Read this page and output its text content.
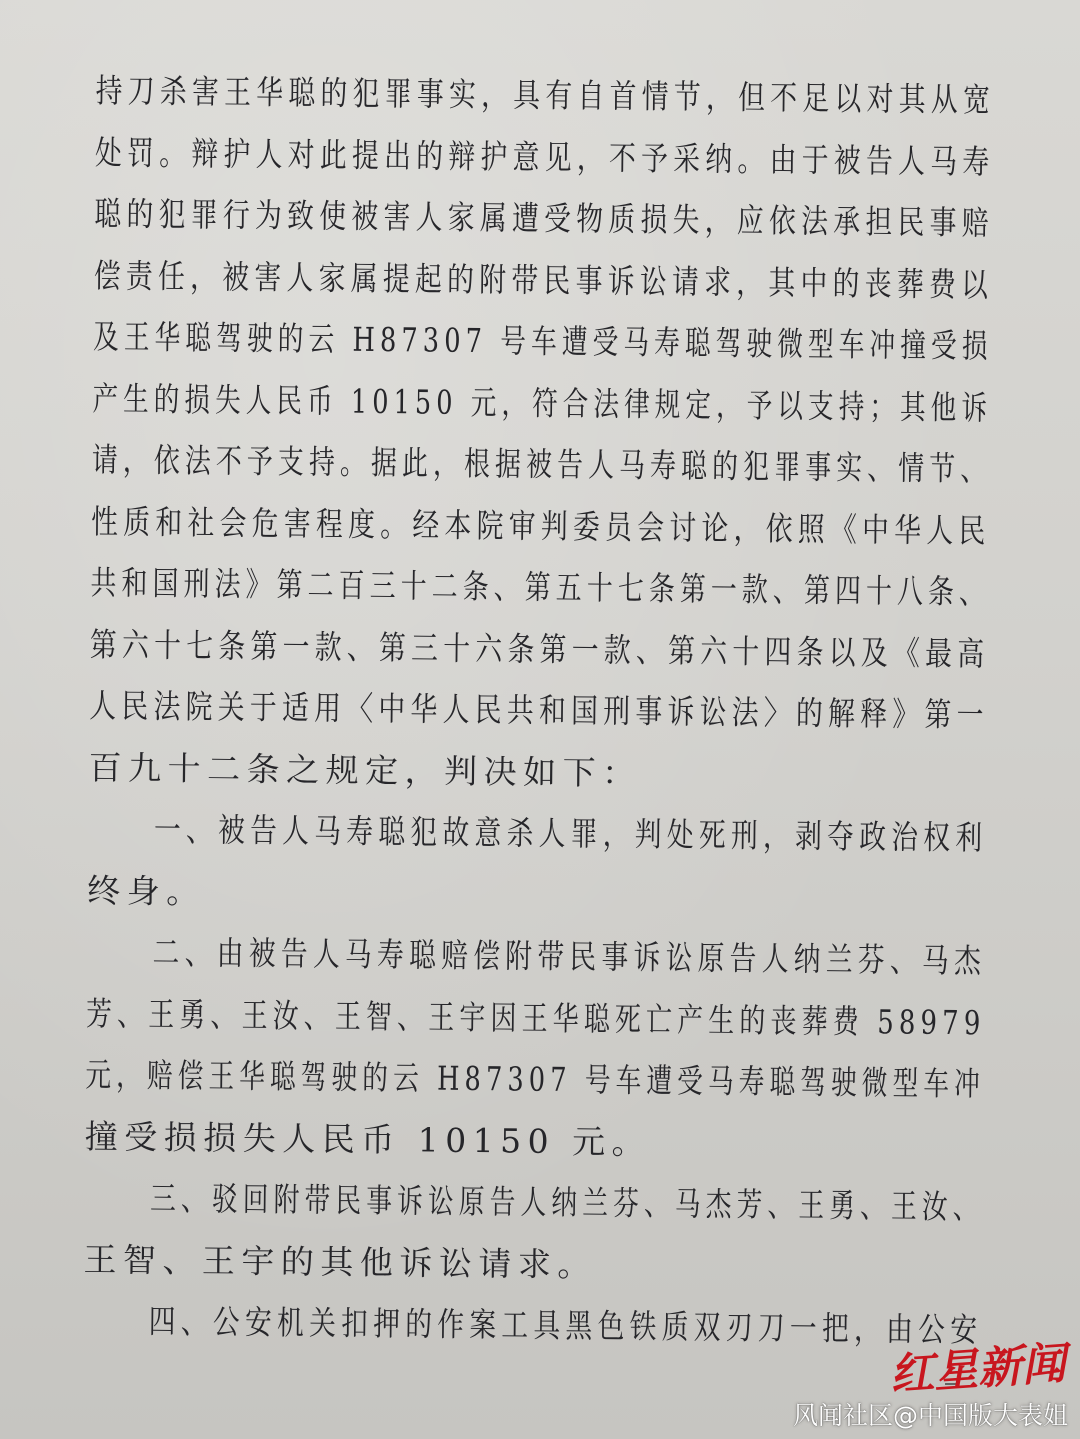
持刀杀害王华聪的犯罪事实，具有自首情节，但不足以对其从宽
处罚。辩护人对此提出的辩护意见，不予采纳。由于被告人马寿
聪的犯罪行为致使被害人家属遭受物质损失，应依法承担民事赔
偿责任，被害人家属提起的附带民事诉讼请求，其中的丧葬费以
及王华聪驾驶的云 H87307 号车遭受马寿聪驾驶微型车冲撞受损
产生的损失人民币 10150 元，符合法律规定，予以支持；其他诉
请，依法不予支持。据此，根据被告人马寿聪的犯罪事实、情节、
性质和社会危害程度。经本院审判委员会讨论，依照《中华人民
共和国刑法》第二百三十二条、第五十七条第一款、第四十八条、
第六十七条第一款、第三十六条第一款、第六十四条以及《最高
人民法院关于适用〈中华人民共和国刑事诉讼法〉的解释》第一
百九十二条之规定，判决如下：
一、被告人马寿聪犯故意杀人罪，判处死刑，剥夺政治权利
终身。
二、由被告人马寿聪赔偿附带民事诉讼原告人纳兰芬、马杰
芳、王勇、王汝、王智、王宇因王华聪死亡产生的丧葬费 58979
元，赔偿王华聪驾驶的云 H87307 号车遭受马寿聪驾驶微型车冲
撞受损损失人民币 10150 元。
三、驳回附带民事诉讼原告人纳兰芬、马杰芳、王勇、王汝、
王智、王宇的其他诉讼请求。
四、公安机关扣押的作案工具黑色铁质双刃刀一把，由公安
红星新闻
风闻社区@中国版大表姐
